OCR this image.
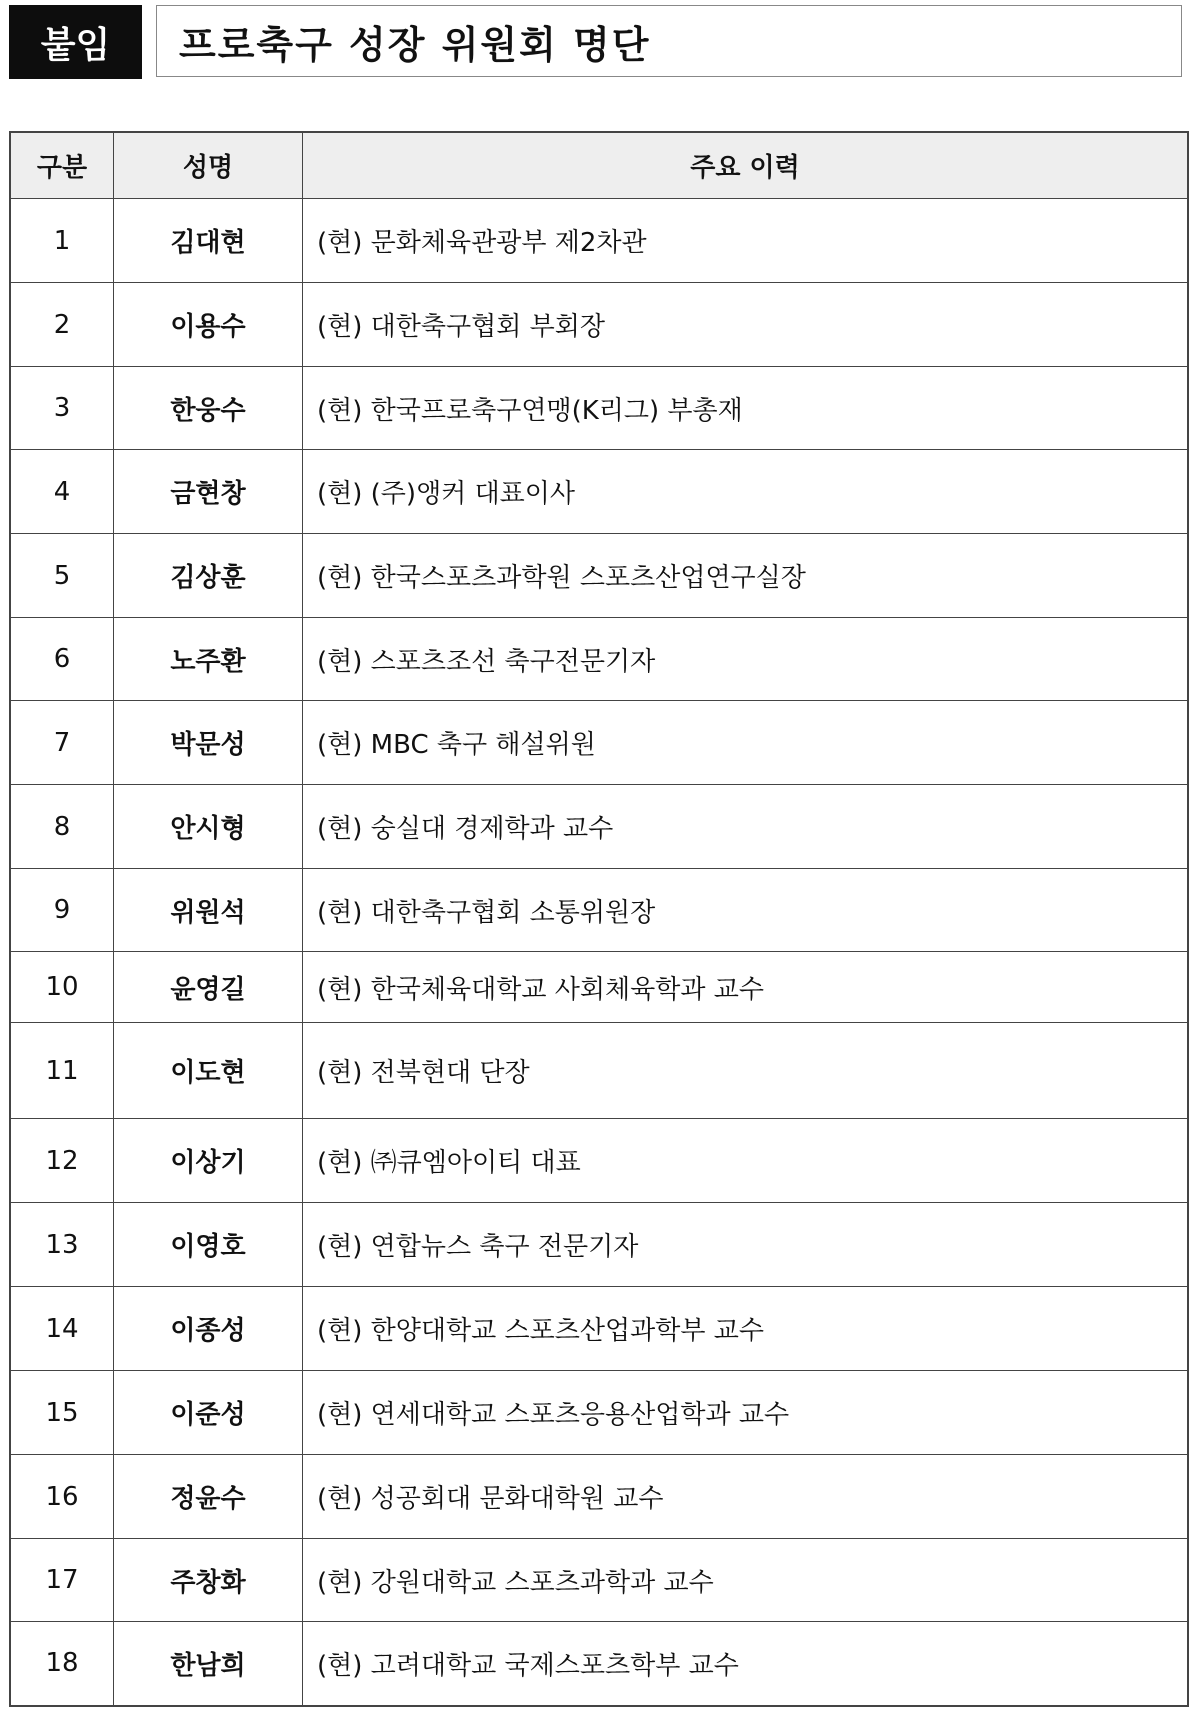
붙임	프로축구 성장 위원회 명단
구분	성명	주요 이력
1	김대현	(현) 문화체육관광부 제2차관
2	이용수	(현) 대한축구협회 부회장
3	한웅수	(현) 한국프로축구연맹(K리그) 부총재
4	금현창	(현) (주)앵커 대표이사
5	김상훈	(현) 한국스포츠과학원 스포츠산업연구실장
6	노주환	(현) 스포츠조선 축구전문기자
7	박문성	(현) MBC 축구 해설위원
8	안시형	(현) 숭실대 경제학과 교수
9	위원석	(현) 대한축구협회 소통위원장
10	윤영길	(현) 한국체육대학교 사회체육학과 교수
11	이도현	(현) 전북현대 단장
12	이상기	(현) ㈜큐엠아이티 대표
13	이영호	(현) 연합뉴스 축구 전문기자
14	이종성	(현) 한양대학교 스포츠산업과학부 교수
15	이준성	(현) 연세대학교 스포츠응용산업학과 교수
16	정윤수	(현) 성공회대 문화대학원 교수
17	주창화	(현) 강원대학교 스포츠과학과 교수
18	한남희	(현) 고려대학교 국제스포츠학부 교수
